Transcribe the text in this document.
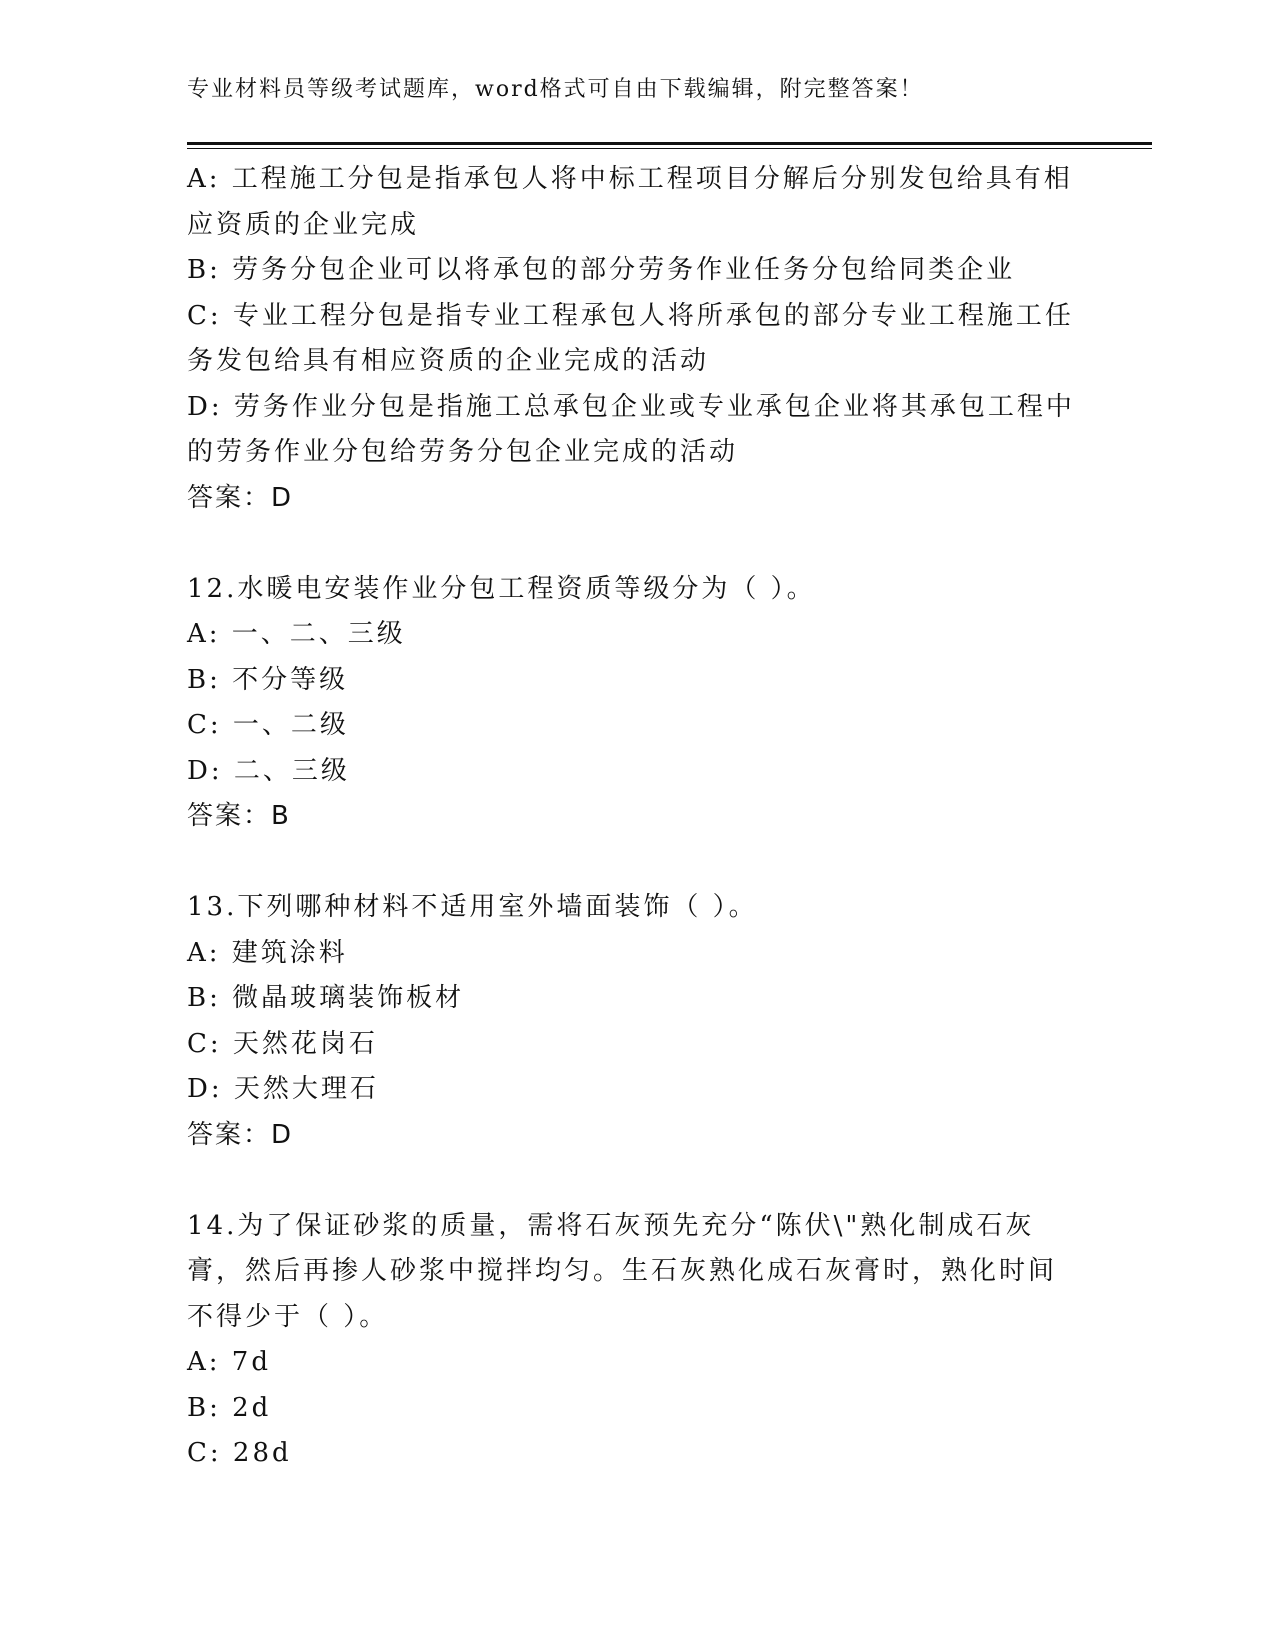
专业材料员等级考试题库，word格式可自由下载编辑，附完整答案！
A: 工程施工分包是指承包人将中标工程项目分解后分别发包给具有相应资质的企业完成
B: 劳务分包企业可以将承包的部分劳务作业任务分包给同类企业
C: 专业工程分包是指专业工程承包人将所承包的部分专业工程施工任务发包给具有相应资质的企业完成的活动
D: 劳务作业分包是指施工总承包企业或专业承包企业将其承包工程中的劳务作业分包给劳务分包企业完成的活动
答案：D
12.水暖电安装作业分包工程资质等级分为（ ）。
A: 一、二、三级
B: 不分等级
C: 一、二级
D: 二、三级
答案：B
13.下列哪种材料不适用室外墙面装饰（ ）。
A: 建筑涂料
B: 微晶玻璃装饰板材
C: 天然花岗石
D: 天然大理石
答案：D
14.为了保证砂浆的质量，需将石灰预先充分“陈伏\"熟化制成石灰膏，然后再掺人砂浆中搅拌均匀。生石灰熟化成石灰膏时，熟化时间不得少于（ ）。
A: 7d
B: 2d
C: 28d
